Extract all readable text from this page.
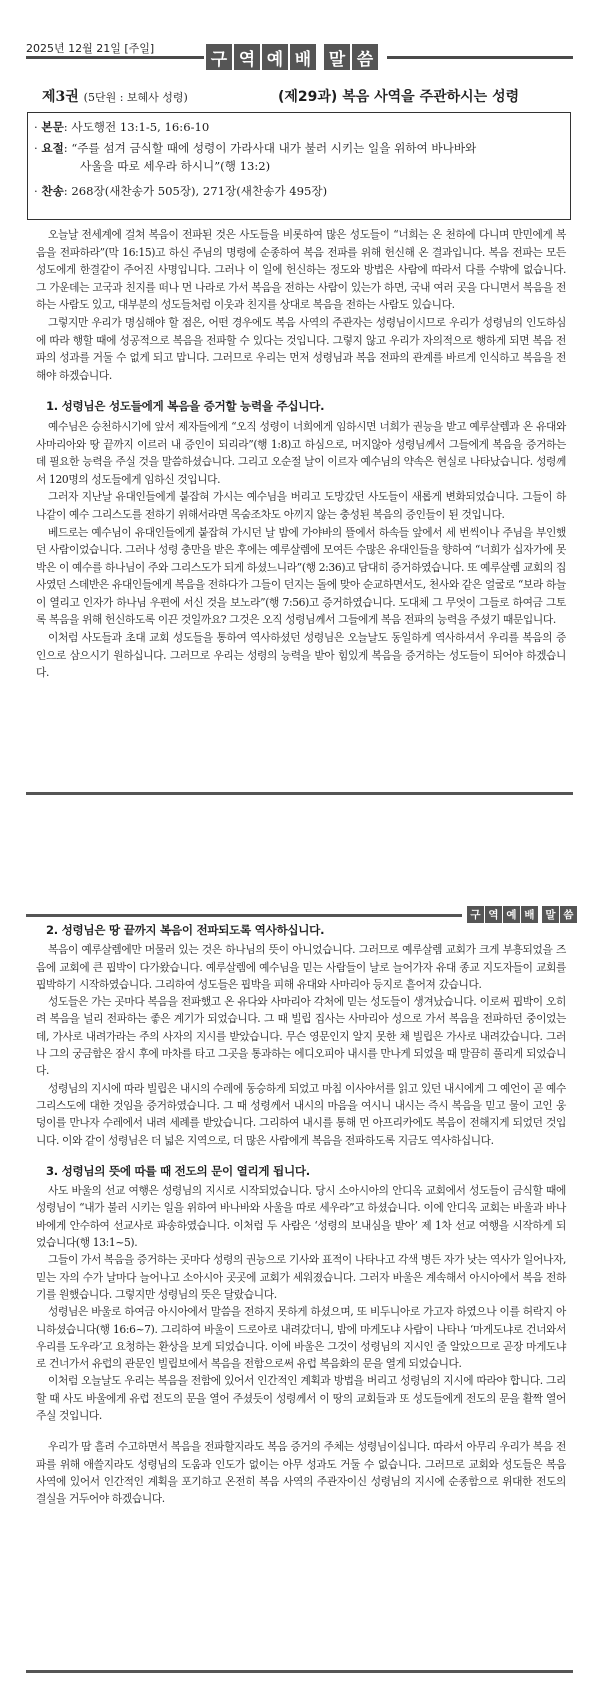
2025년 12월 21일 [주일]
구 역 예 배 말 씀
제3권 (5단원 : 보혜사 성령)	(제29과) 복음 사역을 주관하시는 성령
· 본문: 사도행전 13:1-5, 16:6-10
· 요절: “주를 섬겨 금식할 때에 성령이 가라사대 내가 불러 시키는 일을 위하여 바나바와
사울을 따로 세우라 하시니”(행 13:2)
· 찬송: 268장(새찬송가 505장), 271장(새찬송가 495장)

오늘날 전세계에 걸쳐 복음이 전파된 것은 사도들을 비롯하여 많은 성도들이 “너희는 온 천하에 다니며 만민에게 복음을 전파하라”(막 16:15)고 하신 주님의 명령에 순종하여 복음 전파를 위해 헌신해 온 결과입니다. 복음 전파는 모든 성도에게 한결같이 주어진 사명입니다. 그러나 이 일에 헌신하는 정도와 방법은 사람에 따라서 다를 수밖에 없습니다. 그 가운데는 고국과 친지를 떠나 먼 나라로 가서 복음을 전하는 사람이 있는가 하면, 국내 여러 곳을 다니면서 복음을 전하는 사람도 있고, 대부분의 성도들처럼 이웃과 친지를 상대로 복음을 전하는 사람도 있습니다.

그렇지만 우리가 명심해야 할 점은, 어떤 경우에도 복음 사역의 주관자는 성령님이시므로 우리가 성령님의 인도하심에 따라 행할 때에 성공적으로 복음을 전파할 수 있다는 것입니다. 그렇지 않고 우리가 자의적으로 행하게 되면 복음 전파의 성과를 거둘 수 없게 되고 맙니다. 그러므로 우리는 먼저 성령님과 복음 전파의 관계를 바르게 인식하고 복음을 전해야 하겠습니다.

1. 성령님은 성도들에게 복음을 증거할 능력을 주십니다.

예수님은 승천하시기에 앞서 제자들에게 “오직 성령이 너희에게 임하시면 너희가 권능을 받고 예루살렘과 온 유대와 사마리아와 땅 끝까지 이르러 내 증인이 되리라”(행 1:8)고 하심으로, 머지않아 성령님께서 그들에게 복음을 증거하는 데 필요한 능력을 주실 것을 말씀하셨습니다. 그리고 오순절 날이 이르자 예수님의 약속은 현실로 나타났습니다. 성령께서 120명의 성도들에게 임하신 것입니다.

그러자 지난날 유대인들에게 붙잡혀 가시는 예수님을 버리고 도망갔던 사도들이 새롭게 변화되었습니다. 그들이 하나같이 예수 그리스도를 전하기 위해서라면 목숨조차도 아끼지 않는 충성된 복음의 증인들이 된 것입니다.

베드로는 예수님이 유대인들에게 붙잡혀 가시던 날 밤에 가야바의 뜰에서 하속들 앞에서 세 번씩이나 주님을 부인했던 사람이었습니다. 그러나 성령 충만을 받은 후에는 예루살렘에 모여든 수많은 유대인들을 향하여 “너희가 십자가에 못박은 이 예수를 하나님이 주와 그리스도가 되게 하셨느니라”(행 2:36)고 담대히 증거하였습니다. 또 예루살렘 교회의 집사였던 스데반은 유대인들에게 복음을 전하다가 그들이 던지는 돌에 맞아 순교하면서도, 천사와 같은 얼굴로 “보라 하늘이 열리고 인자가 하나님 우편에 서신 것을 보노라”(행 7:56)고 증거하였습니다. 도대체 그 무엇이 그들로 하여금 그토록 복음을 위해 헌신하도록 이끈 것일까요? 그것은 오직 성령님께서 그들에게 복음 전파의 능력을 주셨기 때문입니다.

이처럼 사도들과 초대 교회 성도들을 통하여 역사하셨던 성령님은 오늘날도 동일하게 역사하셔서 우리를 복음의 증인으로 삼으시기 원하십니다. 그러므로 우리는 성령의 능력을 받아 힘있게 복음을 증거하는 성도들이 되어야 하겠습니다.

구 역 예 배	말 씀
2. 성령님은 땅 끝까지 복음이 전파되도록 역사하십니다.

복음이 예루살렘에만 머물러 있는 것은 하나님의 뜻이 아니었습니다. 그러므로 예루살렘 교회가 크게 부흥되었을 즈음에 교회에 큰 핍박이 다가왔습니다. 예루살렘에 예수님을 믿는 사람들이 날로 늘어가자 유대 종교 지도자들이 교회를 핍박하기 시작하였습니다. 그리하여 성도들은 핍박을 피해 유대와 사마리아 등지로 흩어져 갔습니다.

성도들은 가는 곳마다 복음을 전파했고 온 유다와 사마리아 각처에 믿는 성도들이 생겨났습니다. 이로써 핍박이 오히려 복음을 널리 전파하는 좋은 계기가 되었습니다. 그 때 빌립 집사는 사마리아 성으로 가서 복음을 전파하던 중이었는데, 가사로 내려가라는 주의 사자의 지시를 받았습니다. 무슨 영문인지 알지 못한 채 빌립은 가사로 내려갔습니다. 그러나 그의 궁금함은 잠시 후에 마차를 타고 그곳을 통과하는 에디오피아 내시를 만나게 되었을 때 말끔히 풀리게 되었습니다.

성령님의 지시에 따라 빌립은 내시의 수레에 동승하게 되었고 마침 이사야서를 읽고 있던 내시에게 그 예언이 곧 예수 그리스도에 대한 것임을 증거하였습니다. 그 때 성령께서 내시의 마음을 여시니 내시는 즉시 복음을 믿고 물이 고인 웅덩이를 만나자 수레에서 내려 세례를 받았습니다. 그리하여 내시를 통해 먼 아프리카에도 복음이 전해지게 되었던 것입니다. 이와 같이 성령님은 더 넓은 지역으로, 더 많은 사람에게 복음을 전파하도록 지금도 역사하십니다.

3. 성령님의 뜻에 따를 때 전도의 문이 열리게 됩니다.

사도 바울의 선교 여행은 성령님의 지시로 시작되었습니다. 당시 소아시아의 안디옥 교회에서 성도들이 금식할 때에 성령님이 “내가 불러 시키는 일을 위하여 바나바와 사울을 따로 세우라”고 하셨습니다. 이에 안디옥 교회는 바울과 바나바에게 안수하여 선교사로 파송하였습니다. 이처럼 두 사람은 ‘성령의 보내심을 받아’ 제 1차 선교 여행을 시작하게 되었습니다(행 13:1~5).

그들이 가서 복음을 증거하는 곳마다 성령의 권능으로 기사와 표적이 나타나고 각색 병든 자가 낫는 역사가 일어나자, 믿는 자의 수가 날마다 늘어나고 소아시아 곳곳에 교회가 세워졌습니다. 그러자 바울은 계속해서 아시아에서 복음 전하기를 원했습니다. 그렇지만 성령님의 뜻은 달랐습니다.

성령님은 바울로 하여금 아시아에서 말씀을 전하지 못하게 하셨으며, 또 비두니아로 가고자 하였으나 이를 허락지 아니하셨습니다(행 16:6~7). 그리하여 바울이 드로아로 내려갔더니, 밤에 마게도냐 사람이 나타나 ‘마게도냐로 건너와서 우리를 도우라’고 요청하는 환상을 보게 되었습니다. 이에 바울은 그것이 성령님의 지시인 줄 알았으므로 곧장 마게도냐로 건너가서 유럽의 관문인 빌립보에서 복음을 전함으로써 유럽 복음화의 문을 열게 되었습니다.

이처럼 오늘날도 우리는 복음을 전함에 있어서 인간적인 계획과 방법을 버리고 성령님의 지시에 따라야 합니다. 그리할 때 사도 바울에게 유럽 전도의 문을 열어 주셨듯이 성령께서 이 땅의 교회들과 또 성도들에게 전도의 문을 활짝 열어 주실 것입니다.

우리가 땀 흘려 수고하면서 복음을 전파할지라도 복음 증거의 주체는 성령님이십니다. 따라서 아무리 우리가 복음 전파를 위해 애쓸지라도 성령님의 도움과 인도가 없이는 아무 성과도 거둘 수 없습니다. 그러므로 교회와 성도들은 복음 사역에 있어서 인간적인 계획을 포기하고 온전히 복음 사역의 주관자이신 성령님의 지시에 순종함으로 위대한 전도의 결실을 거두어야 하겠습니다.
